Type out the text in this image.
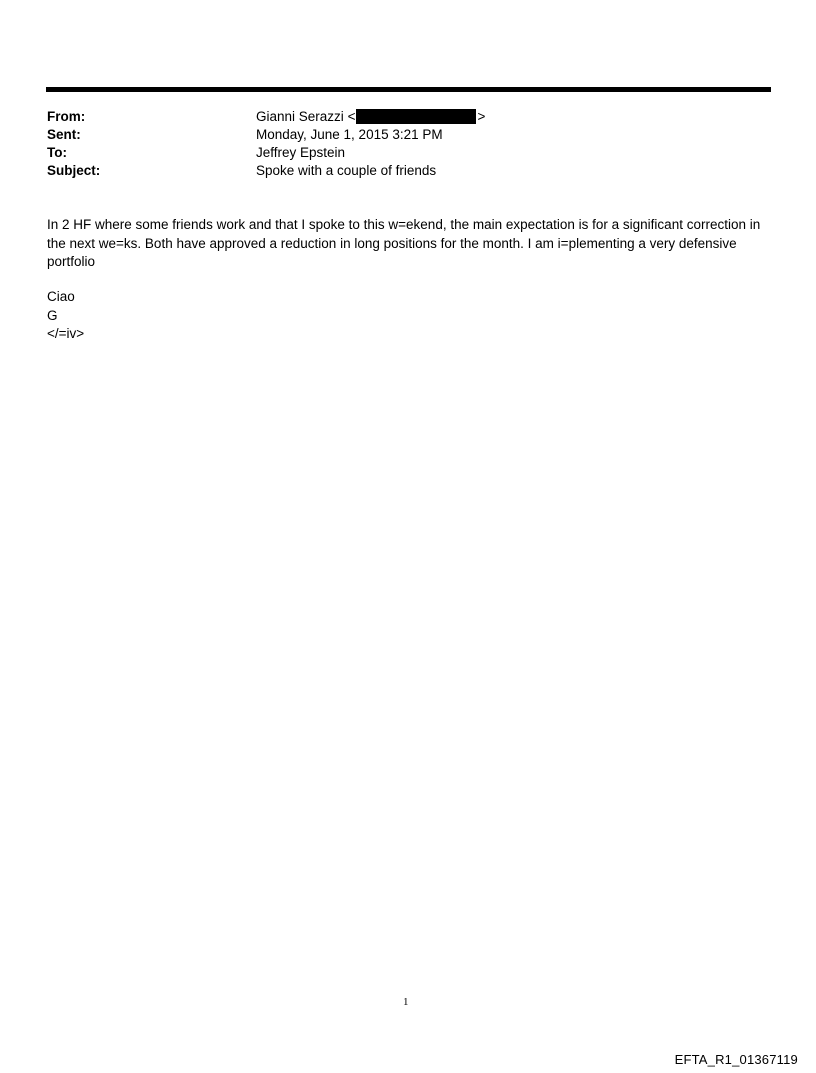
From:	Gianni Serazzi <	>
Sent:	Monday, June 1, 2015 3:21 PM
To:	Jeffrey Epstein
Subject:	Spoke with a couple of friends

In 2 HF where some friends work and that I spoke to this w=ekend, the main expectation is for a significant correction in the next we=ks. Both have approved a reduction in long positions for the month. I am i=plementing a very defensive portfolio

Ciao
G
</=iv>
1
EFTA_R1_01367119
